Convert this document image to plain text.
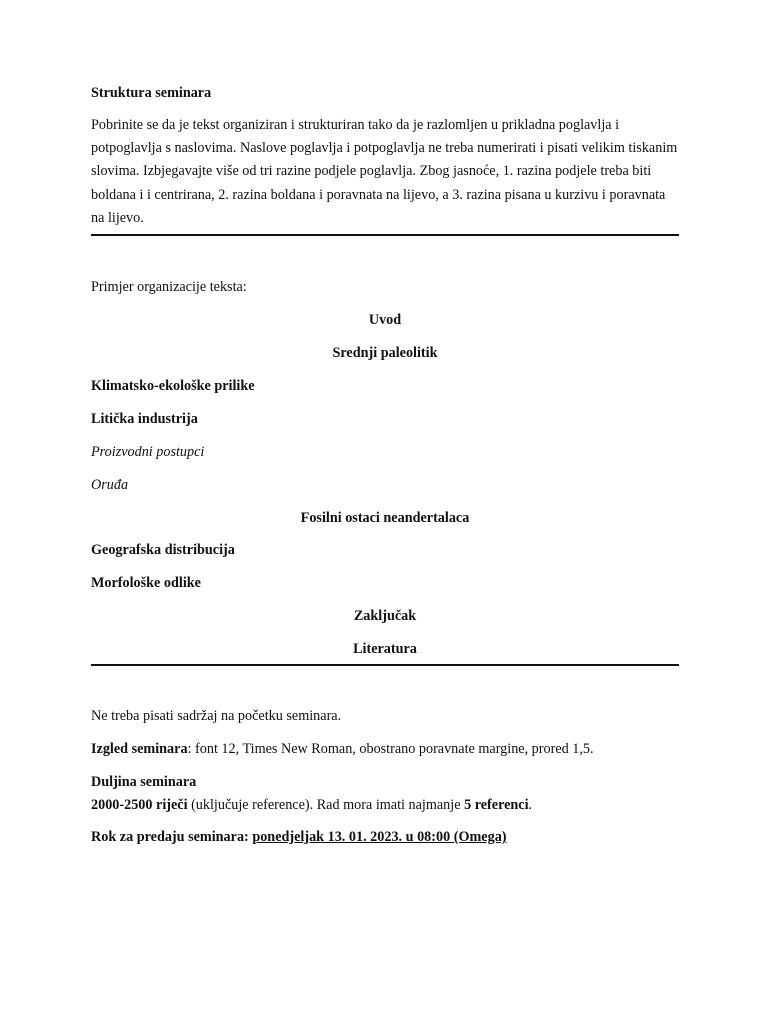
Struktura seminara
Pobrinite se da je tekst organiziran i strukturiran tako da je razlomljen u prikladna poglavlja i potpoglavlja s naslovima. Naslove poglavlja i potpoglavlja ne treba numerirati i pisati velikim tiskanim slovima. Izbjegavajte više od tri razine podjele poglavlja. Zbog jasnoće, 1. razina podjele treba biti boldana i i centrirana, 2. razina boldana i poravnata na lijevo, a 3. razina pisana u kurzivu i poravnata na lijevo.
Primjer organizacije teksta:
Uvod
Srednji paleolitik
Klimatsko-ekološke prilike
Litička industrija
Proizvodni postupci
Oruđa
Fosilni ostaci neandertalaca
Geografska distribucija
Morfološke odlike
Zaključak
Literatura
Ne treba pisati sadržaj na početku seminara.
Izgled seminara: font 12, Times New Roman, obostrano poravnate margine, prored 1,5.
Duljina seminara
2000-2500 riječi (uključuje reference). Rad mora imati najmanje 5 referenci.
Rok za predaju seminara: ponedjeljak 13. 01. 2023. u 08:00 (Omega)
